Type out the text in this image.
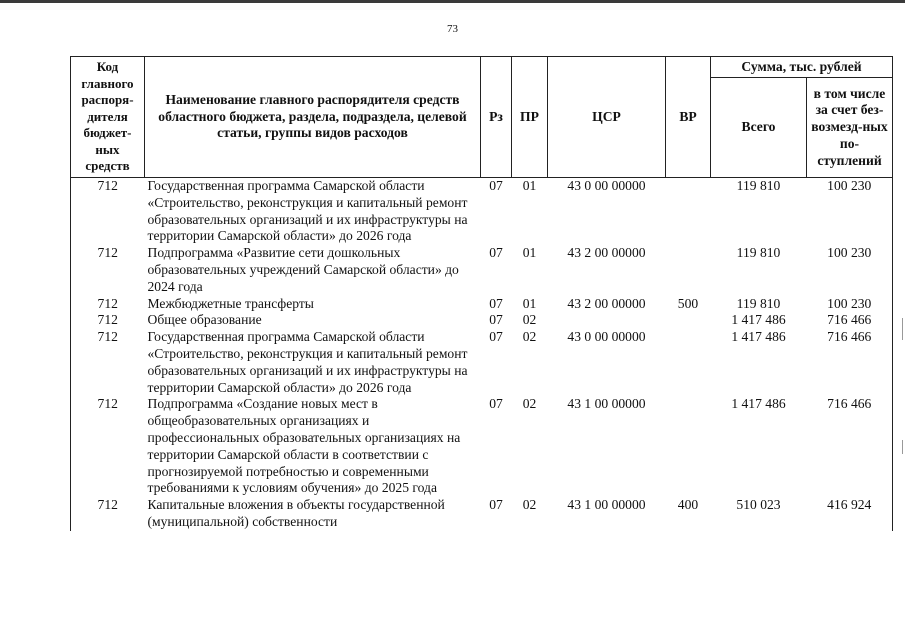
73
Код главного распоря-дителя бюджет-ных средств	Наименование главного распорядителя средств областного бюджета, раздела, подраздела, целевой статьи, группы видов расходов	Рз	ПР	ЦСР	ВР	Сумма, тыс. рублей	
						Всего	в том числе за счет без-возмезд-ных по-ступлений
712	Государственная программа Самарской области «Строительство, реконструкция и капитальный ремонт образовательных организаций и их инфраструктуры на территории Самарской области» до 2026 года	07	01	43 0 00 00000		119 810	100 230
712	Подпрограмма «Развитие сети дошкольных образовательных учреждений Самарской области» до 2024 года	07	01	43 2 00 00000		119 810	100 230
712	Межбюджетные трансферты	07	01	43 2 00 00000	500	119 810	100 230
712	Общее образование	07	02			1 417 486	716 466
712	Государственная программа Самарской области «Строительство, реконструкция и капитальный ремонт образовательных организаций и их инфраструктуры на территории Самарской области» до 2026 года	07	02	43 0 00 00000		1 417 486	716 466
712	Подпрограмма «Создание новых мест в общеобразовательных организациях и профессиональных образовательных организациях на территории Самарской области в соответствии с прогнозируемой потребностью и современными требованиями к условиям обучения» до 2025 года	07	02	43 1 00 00000		1 417 486	716 466
712	Капитальные вложения в объекты государственной (муниципальной) собственности	07	02	43 1 00 00000	400	510 023	416 924
